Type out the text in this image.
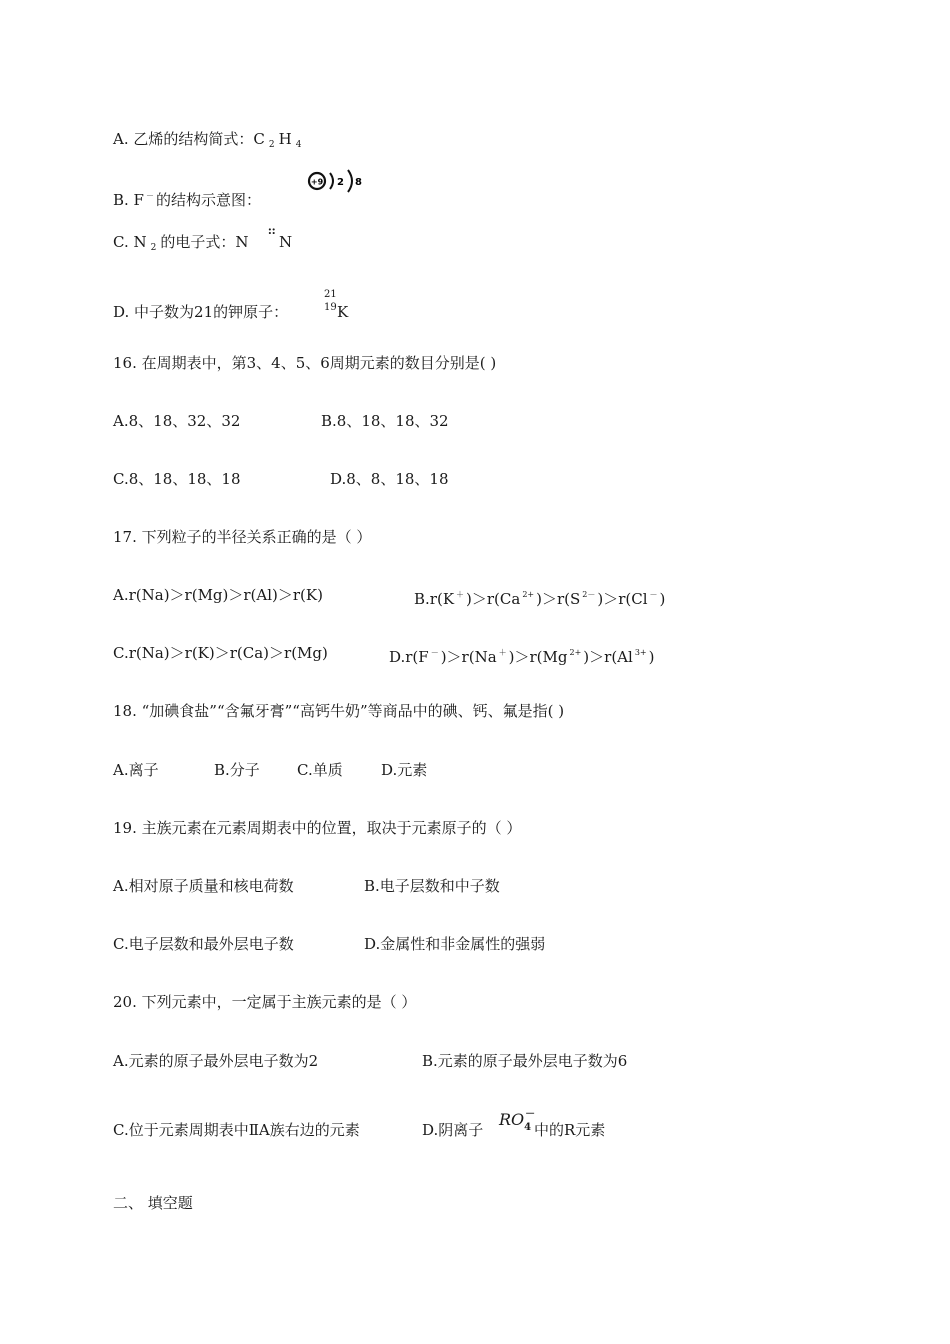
A. 乙烯的结构简式：C $_2$ H $_4$
B. F － 的结构示意图：
+9 2 8
C. N $_2$ 的电子式：N
⠶
N
D. 中子数为21的钾原子：
21
19 K
16. 在周期表中，第3、4、5、6周期元素的数目分别是( )
A.8、18、32、32	B.8、18、18、32
C.8、18、18、18	D.8、8、18、18
17. 下列粒子的半径关系正确的是（ ）
A.r(Na)＞r(Mg)＞r(Al)＞r(K)	B.r(K ＋ )＞r(Ca $^{2+}$ )＞r(S $^{2-}$ )＞r(Cl － )
C.r(Na)＞r(K)＞r(Ca)＞r(Mg)	D.r(F － )＞r(Na ＋ )＞r(Mg $^{2+}$ )＞r(Al $^{3+}$ )
18. “加碘食盐”“含氟牙膏”“高钙牛奶”等商品中的碘、钙、氟是指( )
A.离子	B.分子 C.单质	D.元素
19. 主族元素在元素周期表中的位置，取决于元素原子的（ ）
A.相对原子质量和核电荷数	B.电子层数和中子数
C.电子层数和最外层电子数	D.金属性和非金属性的强弱
20. 下列元素中，一定属于主族元素的是（ ）
A.元素的原子最外层电子数为2	B.元素的原子最外层电子数为6
C.位于元素周期表中ⅡA族右边的元素	D.阴离子
$RO_4^-$
中的R元素
二、 填空题
